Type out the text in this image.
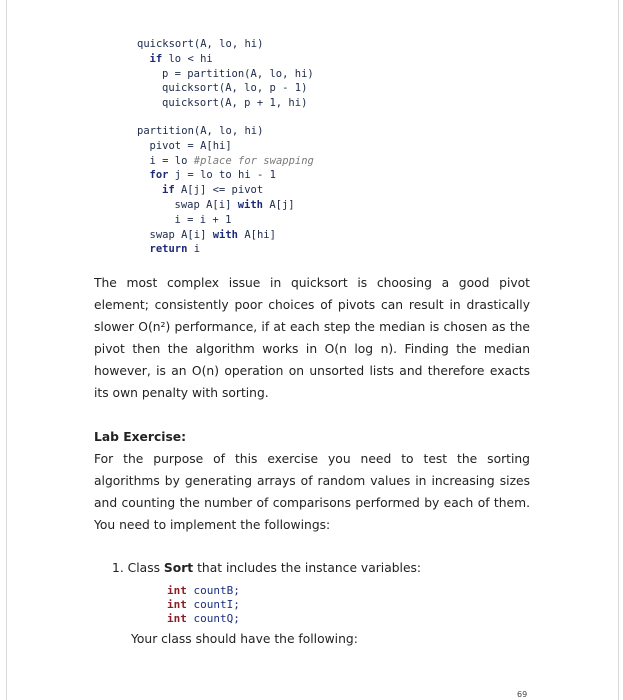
quicksort(A, lo, hi)
if lo < hi
p = partition(A, lo, hi)
quicksort(A, lo, p - 1)
quicksort(A, p + 1, hi)
partition(A, lo, hi)
pivot = A[hi]
i = lo #place for swapping
for j = lo to hi - 1
if A[j] <= pivot
swap A[i] with A[j]
i = i + 1
swap A[i] with A[hi]
return i
The most complex issue in quicksort is choosing a good pivot element; consistently poor choices of pivots can result in drastically slower O(n²) performance, if at each step the median is chosen as the pivot then the algorithm works in O(n log n). Finding the median however, is an O(n) operation on unsorted lists and therefore exacts its own penalty with sorting.
Lab Exercise:
For the purpose of this exercise you need to test the sorting algorithms by generating arrays of random values in increasing sizes and counting the number of comparisons performed by each of them. You need to implement the followings:
1. Class Sort that includes the instance variables:
int countB;
int countI;
int countQ;
Your class should have the following:
69
